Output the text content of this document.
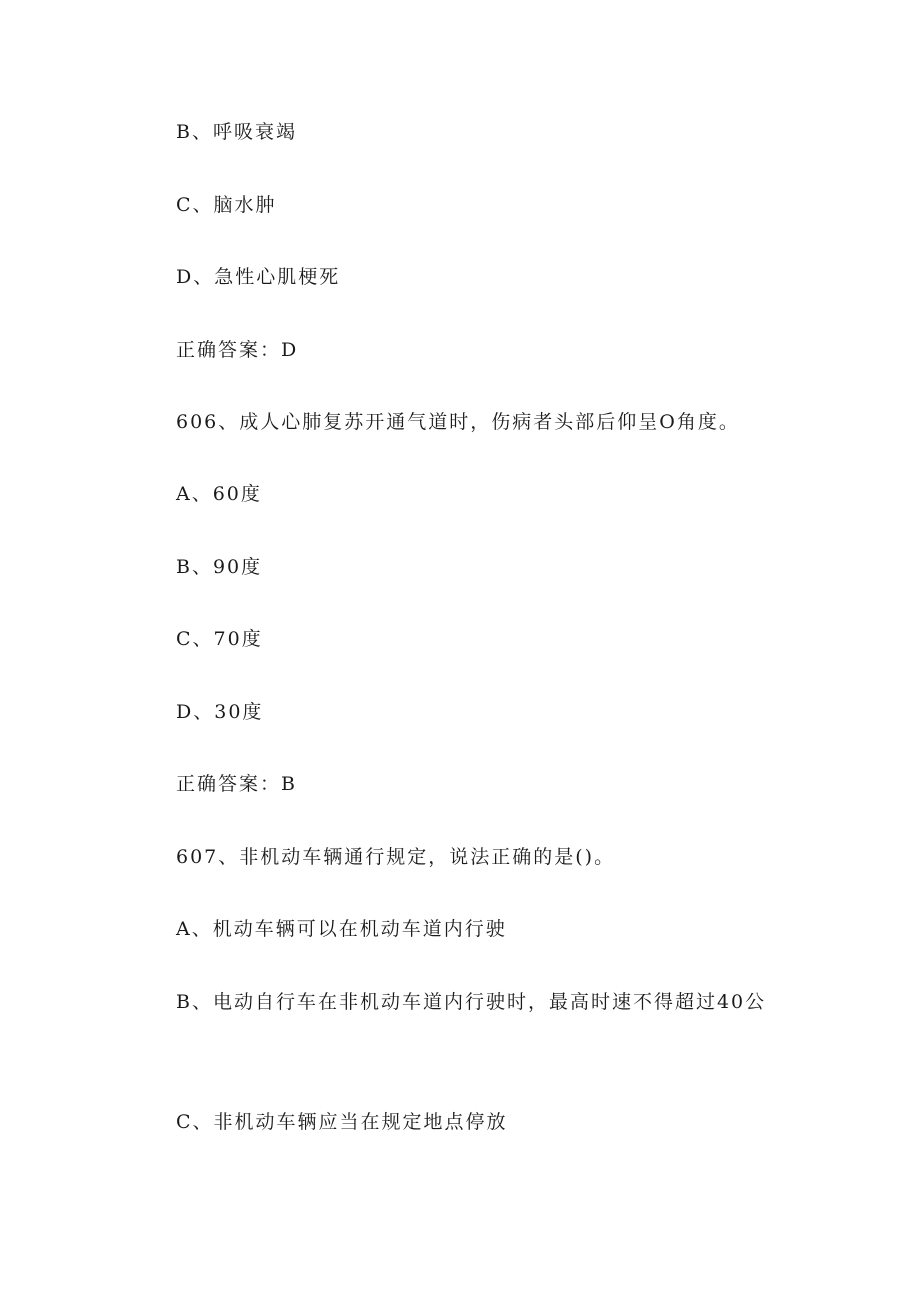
B、呼吸衰竭
C、脑水肿
D、急性心肌梗死
正确答案：D
606、成人心肺复苏开通气道时，伤病者头部后仰呈O角度。
A、60度
B、90度
C、70度
D、30度
正确答案：B
607、非机动车辆通行规定，说法正确的是()。
A、机动车辆可以在机动车道内行驶
B、电动自行车在非机动车道内行驶时，最高时速不得超过40公
C、非机动车辆应当在规定地点停放
